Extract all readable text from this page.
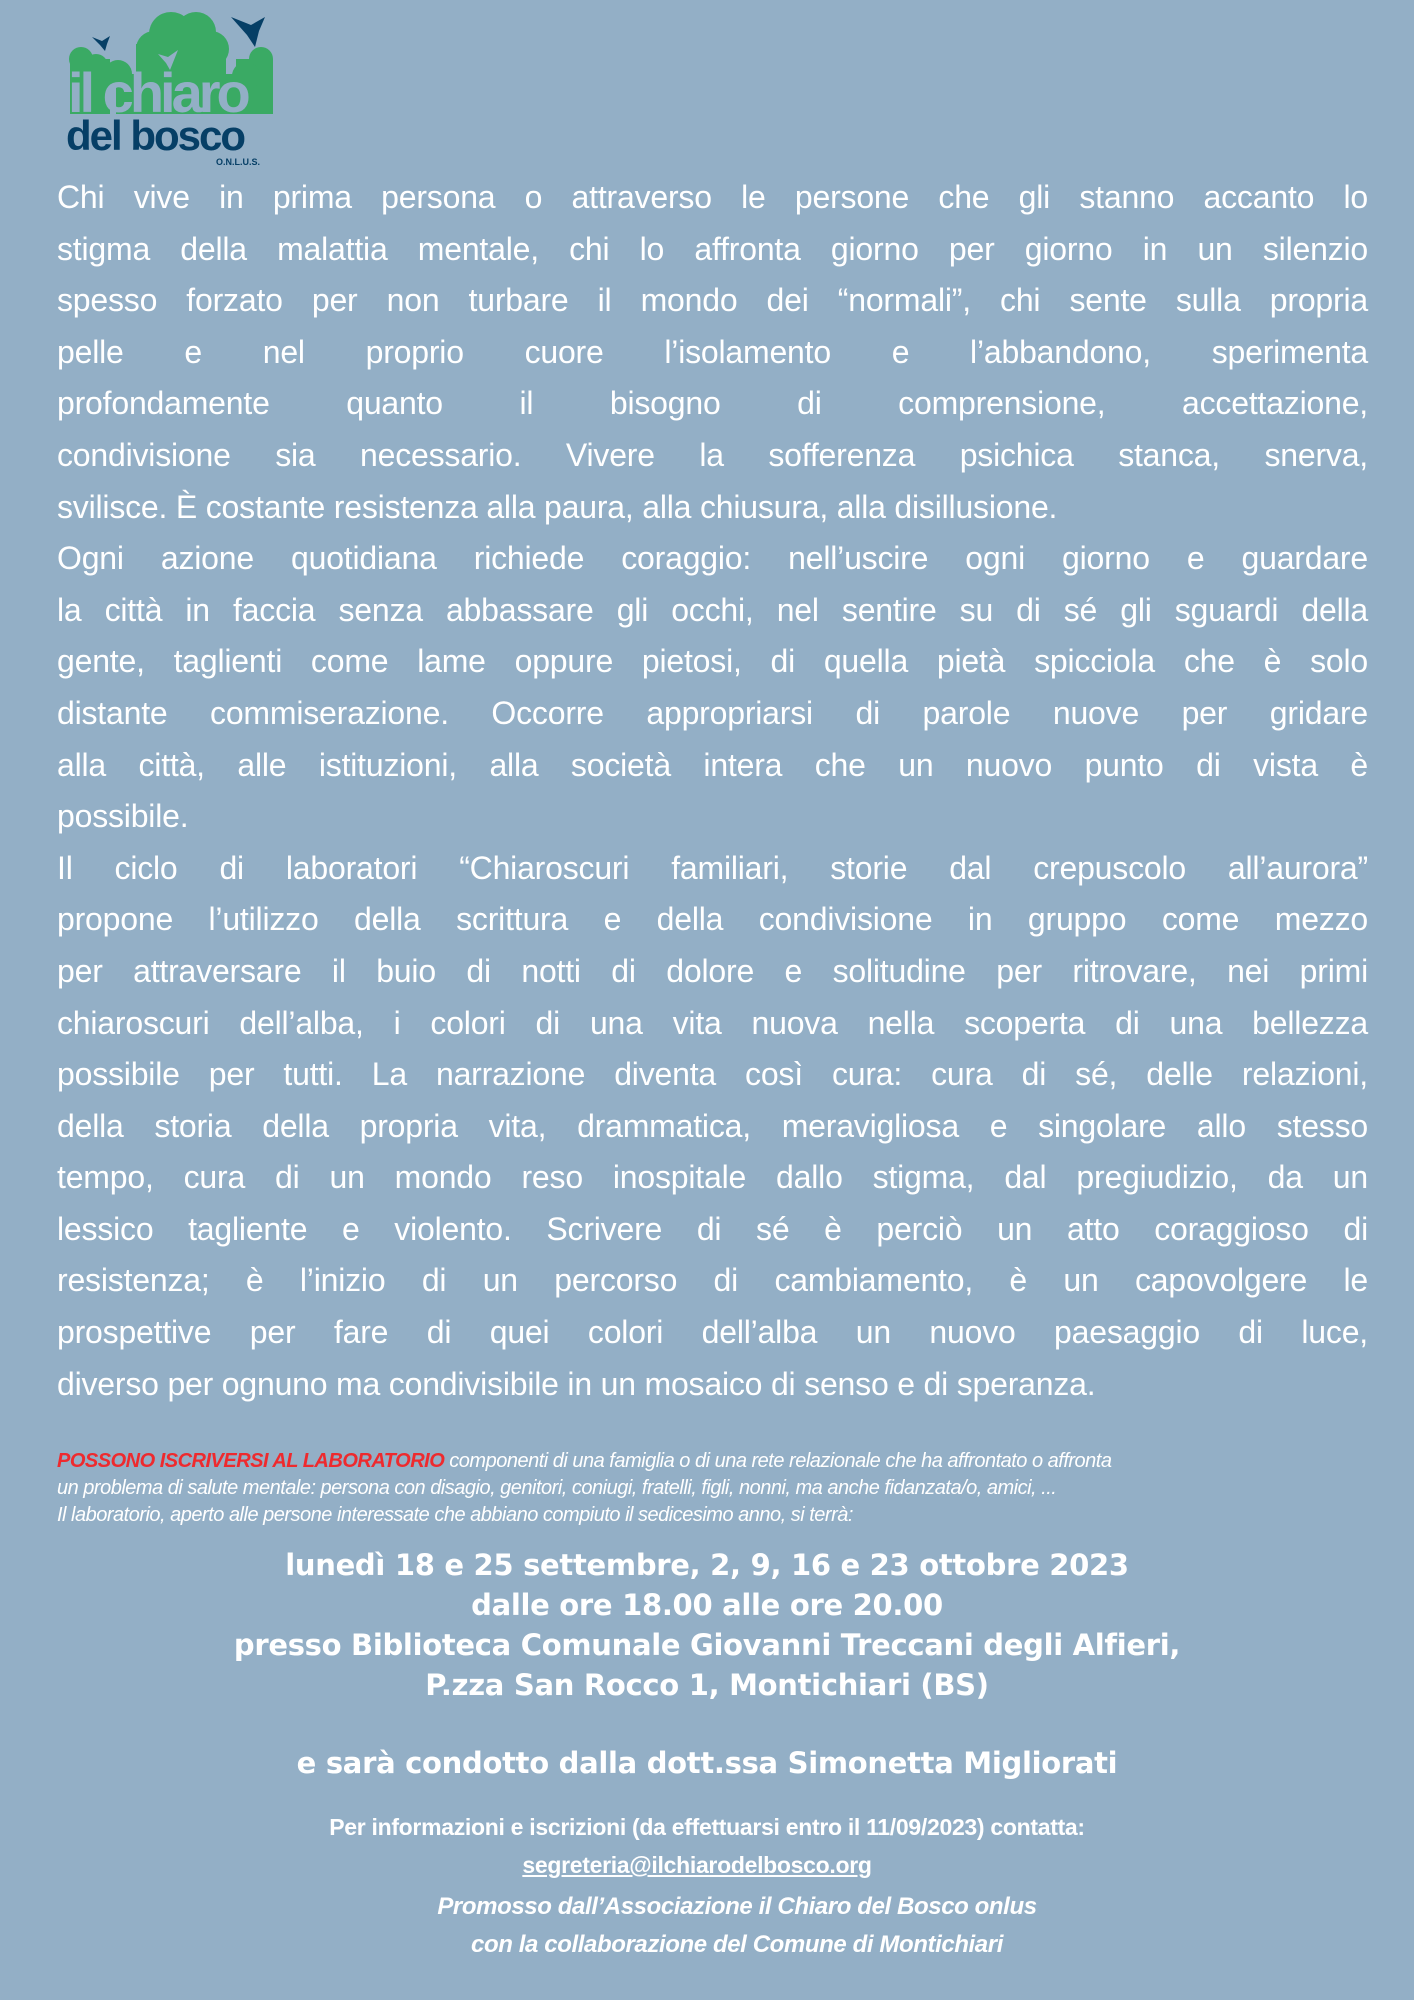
il chiaro
del bosco
O.N.L.U.S.
Chi vive in prima persona o attraverso le persone che gli stanno accanto lo
stigma della malattia mentale, chi lo affronta giorno per giorno in un silenzio
spesso forzato per non turbare il mondo dei “normali”, chi sente sulla propria
pelle e nel proprio cuore l’isolamento e l’abbandono, sperimenta
profondamente quanto il bisogno di comprensione, accettazione,
condivisione sia necessario. Vivere la sofferenza psichica stanca, snerva,
svilisce. È costante resistenza alla paura, alla chiusura, alla disillusione.
Ogni azione quotidiana richiede coraggio: nell’uscire ogni giorno e guardare
la città in faccia senza abbassare gli occhi, nel sentire su di sé gli sguardi della
gente, taglienti come lame oppure pietosi, di quella pietà spicciola che è solo
distante commiserazione. Occorre appropriarsi di parole nuove per gridare
alla città, alle istituzioni, alla società intera che un nuovo punto di vista è
possibile.
Il ciclo di laboratori “Chiaroscuri familiari, storie dal crepuscolo all’aurora”
propone l’utilizzo della scrittura e della condivisione in gruppo come mezzo
per attraversare il buio di notti di dolore e solitudine per ritrovare, nei primi
chiaroscuri dell’alba, i colori di una vita nuova nella scoperta di una bellezza
possibile per tutti. La narrazione diventa così cura: cura di sé, delle relazioni,
della storia della propria vita, drammatica, meravigliosa e singolare allo stesso
tempo, cura di un mondo reso inospitale dallo stigma, dal pregiudizio, da un
lessico tagliente e violento. Scrivere di sé è perciò un atto coraggioso di
resistenza; è l’inizio di un percorso di cambiamento, è un capovolgere le
prospettive per fare di quei colori dell’alba un nuovo paesaggio di luce,
diverso per ognuno ma condivisibile in un mosaico di senso e di speranza.
POSSONO ISCRIVERSI AL LABORATORIO componenti di una famiglia o di una rete relazionale che ha affrontato o affronta
un problema di salute mentale: persona con disagio, genitori, coniugi, fratelli, figli, nonni, ma anche fidanzata/o, amici, ...
Il laboratorio, aperto alle persone interessate che abbiano compiuto il sedicesimo anno, si terrà:
lunedì 18 e 25 settembre, 2, 9, 16 e 23 ottobre 2023
dalle ore 18.00 alle ore 20.00
presso Biblioteca Comunale Giovanni Treccani degli Alfieri,
P.zza San Rocco 1, Montichiari (BS)
e sarà condotto dalla dott.ssa Simonetta Migliorati
Per informazioni e iscrizioni (da effettuarsi entro il 11/09/2023) contatta:
segreteria@ilchiarodelbosco.org
Promosso dall’Associazione il Chiaro del Bosco onlus
con la collaborazione del Comune di Montichiari
